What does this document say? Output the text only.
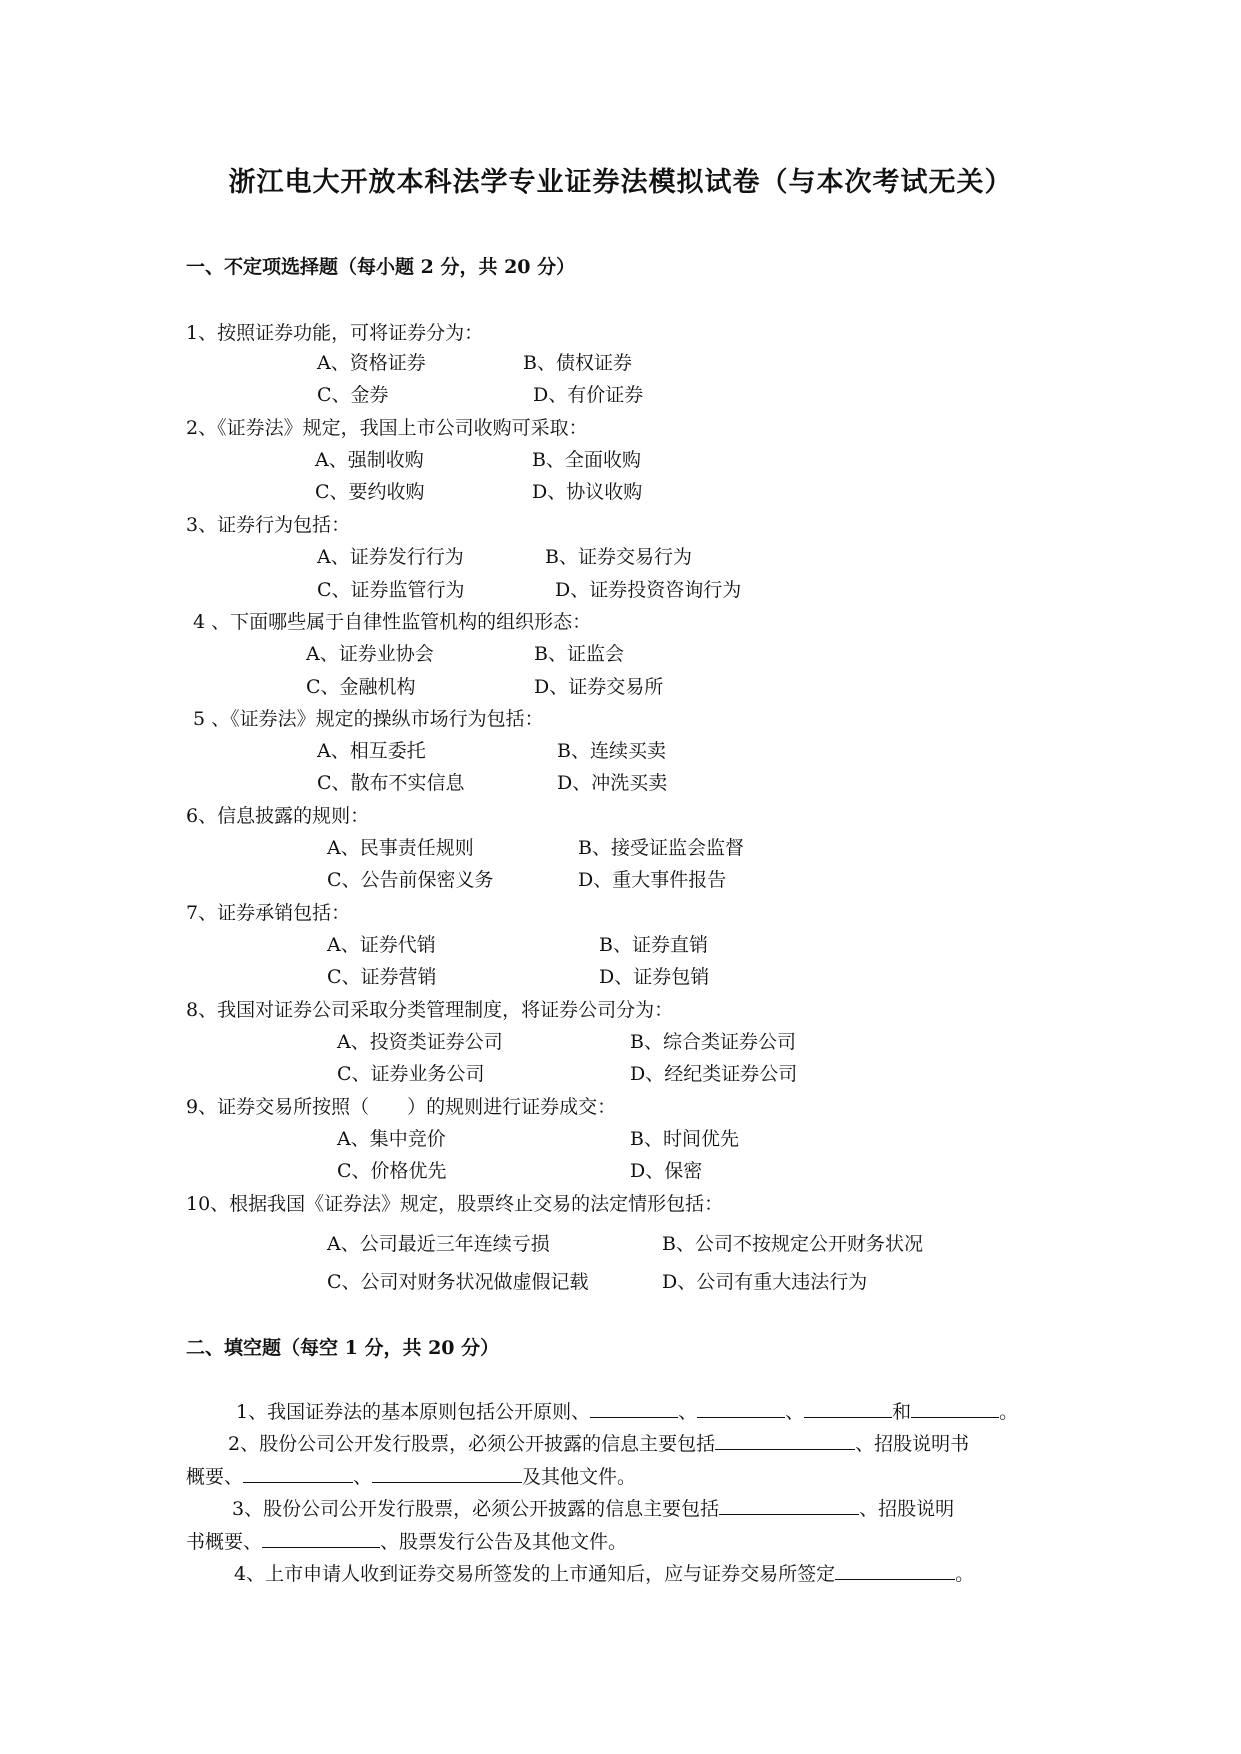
浙江电大开放本科法学专业证券法模拟试卷（与本次考试无关）
一、不定项选择题（每小题 2 分，共 20 分）
1、按照证券功能，可将证券分为：
A、资格证券	B、债权证券
C、金券	D、有价证券
2、《证券法》规定，我国上市公司收购可采取：
A、强制收购	B、全面收购
C、要约收购	D、协议收购
3、证券行为包括：
A、证券发行行为	B、证券交易行为
C、证券监管行为	D、证券投资咨询行为
4 、下面哪些属于自律性监管机构的组织形态：
A、证券业协会	B、证监会
C、金融机构	D、证券交易所
5 、《证券法》规定的操纵市场行为包括：
A、相互委托	B、连续买卖
C、散布不实信息	D、冲洗买卖
6、信息披露的规则：
A、民事责任规则	B、接受证监会监督
C、公告前保密义务	D、重大事件报告
7、证券承销包括：
A、证券代销	B、证券直销
C、证券营销	D、证券包销
8、我国对证券公司采取分类管理制度，将证券公司分为：
A、投资类证券公司	B、综合类证券公司
C、证券业务公司	D、经纪类证券公司
9、证券交易所按照（　　）的规则进行证券成交：
A、集中竞价	B、时间优先
C、价格优先	D、保密
10、根据我国《证券法》规定，股票终止交易的法定情形包括：
A、公司最近三年连续亏损	B、公司不按规定公开财务状况
C、公司对财务状况做虚假记载	D、公司有重大违法行为
二、填空题（每空 1 分，共 20 分）
1、我国证券法的基本原则包括公开原则、	、	、	和	。
2、股份公司公开发行股票，必须公开披露的信息主要包括	、招股说明书
概要、	、	及其他文件。
3、股份公司公开发行股票，必须公开披露的信息主要包括	、招股说明
书概要、	、股票发行公告及其他文件。
4、上市申请人收到证券交易所签发的上市通知后，应与证券交易所签定	。
